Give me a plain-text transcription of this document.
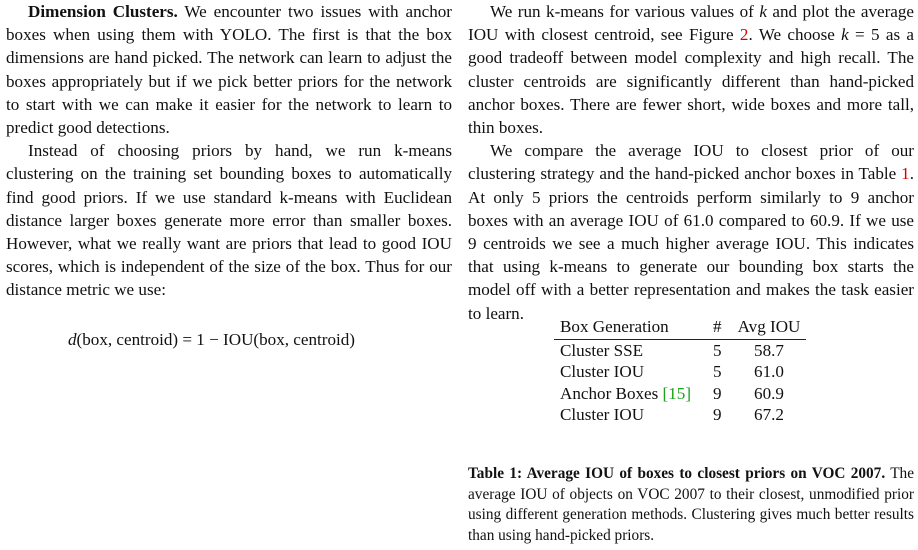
Dimension Clusters. We encounter two issues with anchor boxes when using them with YOLO. The first is that the box dimensions are hand picked. The network can learn to adjust the boxes appropriately but if we pick better priors for the network to start with we can make it easier for the network to learn to predict good detections.

Instead of choosing priors by hand, we run k-means clustering on the training set bounding boxes to automatically find good priors. If we use standard k-means with Euclidean distance larger boxes generate more error than smaller boxes. However, what we really want are priors that lead to good IOU scores, which is independent of the size of the box. Thus for our distance metric we use:

d(box, centroid) = 1 − IOU(box, centroid)

We run k-means for various values of k and plot the average IOU with closest centroid, see Figure 2. We choose k = 5 as a good tradeoff between model complexity and high recall. The cluster centroids are significantly different than hand-picked anchor boxes. There are fewer short, wide boxes and more tall, thin boxes.

We compare the average IOU to closest prior of our clustering strategy and the hand-picked anchor boxes in Table 1. At only 5 priors the centroids perform similarly to 9 anchor boxes with an average IOU of 61.0 compared to 60.9. If we use 9 centroids we see a much higher average IOU. This indicates that using k-means to generate our bounding box starts the model off with a better representation and makes the task easier to learn.

Box Generation	#	Avg IOU
Cluster SSE	5	58.7
Cluster IOU	5	61.0
Anchor Boxes [15]	9	60.9
Cluster IOU	9	67.2
Table 1: Average IOU of boxes to closest priors on VOC 2007. The average IOU of objects on VOC 2007 to their closest, unmodified prior using different generation methods. Clustering gives much better results than using hand-picked priors.
